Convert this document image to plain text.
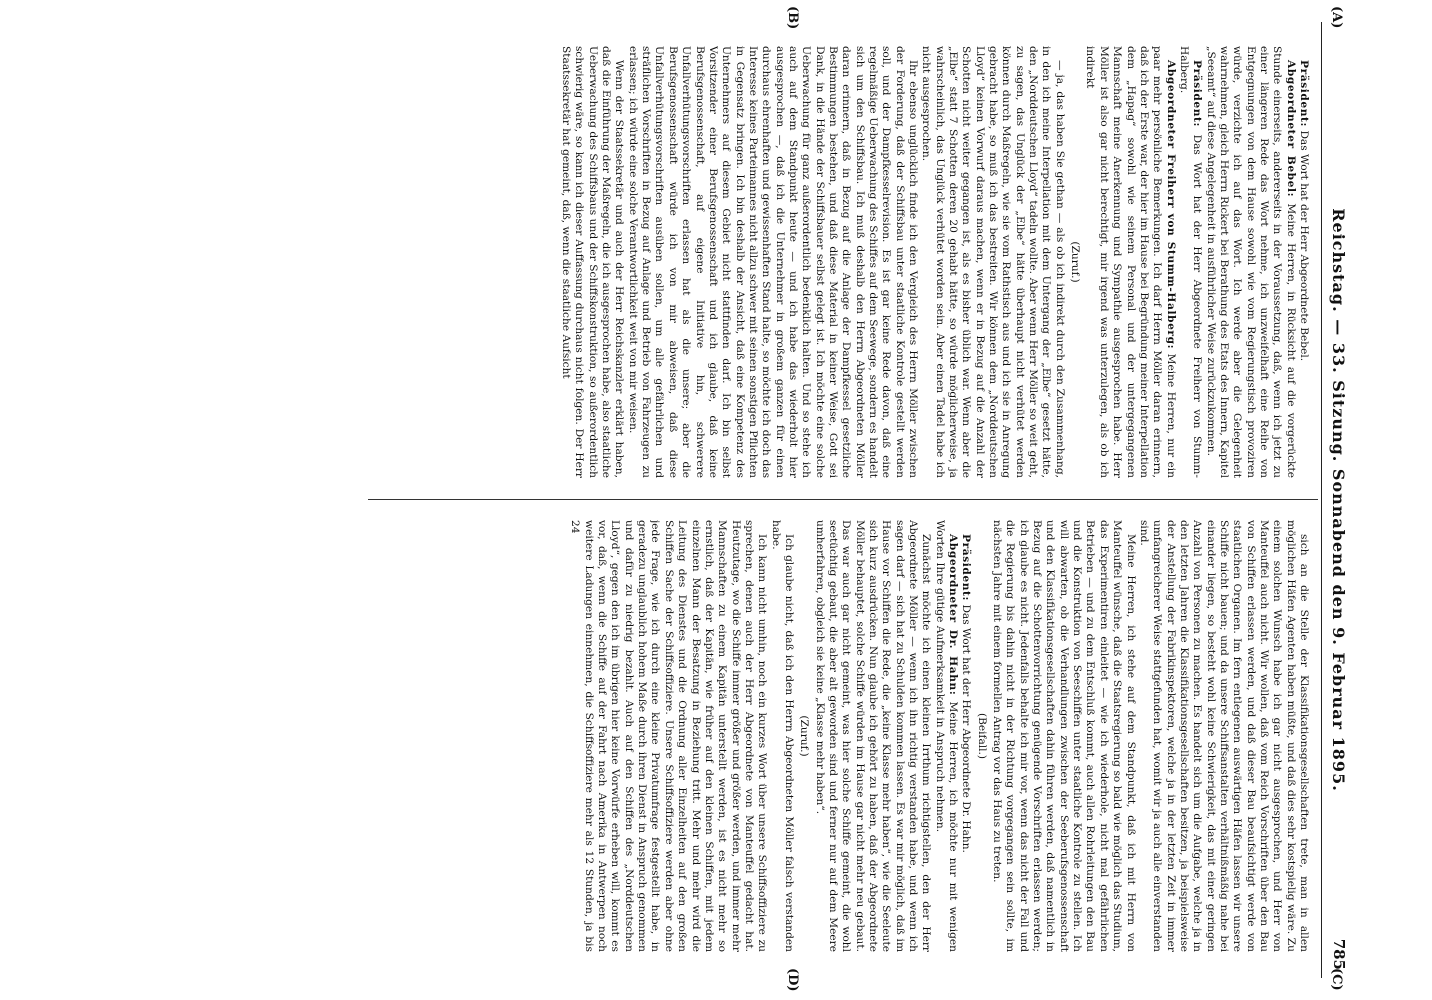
Reichstag. — 33. Sitzung. Sonnabend den 9. Februar 1895.
785
(A)
(B)
(C)
(D)

Präsident: Das Wort hat der Herr Abgeordnete Bebel.

Abgeordneter Bebel: Meine Herren, in Rücksicht auf die vorgerückte Stunde einerseits, andererseits in der Voraussetzung, daß, wenn ich jetzt zu einer längeren Rede das Wort nehme, ich unzweifelhaft eine Reihe von Entgegnungen von dem Hause sowohl wie vom Regierungstisch provoziren würde, verzichte ich auf das Wort. Ich werde aber die Gelegenheit wahrnehmen, gleich Herrn Rickert bei Berathung des Etats des Innern, Kapitel „Seeamt“ auf diese Angelegenheit in ausführlicher Weise zurückzukommen.

Präsident: Das Wort hat der Herr Abgeordnete Freiherr von Stumm-Halberg.

Abgeordneter Freiherr von Stumm-Halberg: Meine Herren, nur ein paar mehr persönliche Bemerkungen. Ich darf Herrn Möller daran erinnern, daß ich der Erste war, der hier im Hause bei Begründung meiner Interpellation dem „Hapag“ sowohl wie seinem Personal und der untergegangenen Mannschaft meine Anerkennung und Sympathie ausgesprochen habe. Herr Möller ist also gar nicht berechtigt, mir irgend was unterzulegen, als ob ich indirekt

(Zuruf.)

— ja, das haben Sie gethan — als ob ich indirekt durch den Zusammenhang, in den ich meine Interpellation mit dem Untergang der „Elbe“ gesetzt hätte, den „Norddeutschen Lloyd“ tadeln wollte. Aber wenn Herr Möller so weit geht, zu sagen, das Unglück der „Elbe“ hätte überhaupt nicht verhütet werden können durch Maßregeln, wie sie vom Rathstisch aus und ich sie in Anregung gebracht habe, so muß ich das bestreiten. Wir können dem „Norddeutschen Lloyd“ keinen Vorwurf daraus machen, wenn er in Bezug auf die Anzahl der Schotten nicht weiter gegangen ist, als es bisher üblich war. Wenn aber die „Elbe“ statt 7 Schotten deren 20 gehabt hätte, so würde möglicherweise, ja wahrscheinlich, das Unglück verhütet worden sein. Aber einen Tadel habe ich nicht ausgesprochen.

Ihr ebenso unglücklich finde ich den Vergleich des Herrn Möller zwischen der Forderung, daß der Schiffsbau unter staatliche Kontrole gestellt werden soll, und der Dampfkesselrevision. Es ist gar keine Rede davon, daß eine regelmäßige Ueberwachung des Schiffes auf dem Seewege, sondern es handelt sich um den Schiffsbau. Ich muß deshalb den Herrn Abgeordneten Möller daran erinnern, daß in Bezug auf die Anlage der Dampfkessel gesetzliche Bestimmungen bestehen, und daß diese Material in keiner Weise, Gott sei Dank, in die Hände der Schiffsbauer selbst gelegt ist. Ich möchte eine solche Ueberwachung für ganz außerordentlich bedenklich halten. Und so stehe ich auch auf dem Standpunkt heute — und ich habe das wiederholt hier ausgesprochen —, daß ich die Unternehmer in großem ganzen für einen durchaus ehrenhaften und gewissenhaften Stand halte, so möchte ich doch das Interesse keines Parteimannes nicht allzu schwer mit seinen sonstigen Pflichten in Gegensatz bringen. Ich bin deshalb der Ansicht, daß eine Kompetenz des Unternehmers auf diesem Gebiet nicht stattfinden darf. Ich bin selbst Vorsitzender einer Berufsgenossenschaft und ich glaube, daß keine Berufsgenossenschaft, auf eigene Initiative hin, schwerere Unfallverhütungsvorschriften erlassen hat als die unsere; aber die Berufsgenossenschaft würde ich von mir abweisen, daß diese Unfallverhütungsvorschriften ausüben sollen, um alle gefährlichen und sträflichen Vorschriften in Bezug auf Anlage und Betrieb von Fahrzeugen zu erlassen; ich würde eine solche Verantwortlichkeit weit von mir weisen.

Wenn der Staatssekretär und auch der Herr Reichskanzler erklärt haben, daß die Einführung der Maßregeln, die ich ausgesprochen habe, also staatliche Ueberwachung des Schiffsbaus und der Schiffskonstruktion, so außerordentlich schwierig wäre, so kann ich dieser Auffassung durchaus nicht folgen. Der Herr Staatssekretär hat gemeint, daß, wenn die staatliche Aufsicht

sich an die Stelle der Klassifikationsgesellschaften trete, man in allen möglichen Häfen Agenten haben müßte, und daß dies sehr kostspielig wäre. Zu einem solchen Wunsch habe ich gar nicht ausgesprochen, und Herr von Manteuffel auch nicht. Wir wollen, daß vom Reich Vorschriften über den Bau von Schiffen erlassen werden, und daß dieser Bau beaufsichtigt werde von staatlichen Organen. Im fern entlegenen auswärtigen Häfen lassen wir unsere Schiffe nicht bauen; und da unsere Schiffsanstalten verhältnißmäßig nahe bei einander liegen, so besteht wohl keine Schwierigkeit, das mit einer geringen Anzahl von Personen zu machen. Es handelt sich um die Aufgabe, welche ja in den letzten Jahren die Klassifikationsgesellschaften besitzen, ja beispielsweise der Anstellung der Fabrikinspektoren, welche ja in der letzten Zeit in immer umfangreicherer Weise stattgefunden hat, womit wir ja auch alle einverstanden sind.

Meine Herren, ich stehe auf dem Standpunkt, daß ich mit Herrn von Manteuffel wünsche, daß die Staatsregierung so bald wie möglich das Studium, das Experimentiren einleitet — wie ich wiederhole, nicht mal gefährlichen Betrieben — und zu dem Entschluß kommt, auch allen Rohrleitungen den Bau und die Konstruktion von Seeschiffen unter staatliche Kontrole zu stellen. Ich will abwarten, ob die Verhandlungen zwischen der Seeberufsgenossenschaft und den Klassifikationsgesellschaften dahin führen werden, daß namentlich in Bezug auf die Schottenvorrichtung genügende Vorschriften erlassen werden; ich glaube es nicht. Jedenfalls behalte ich mir vor, wenn das nicht der Fall und die Regierung bis dahin nicht in der Richtung vorgegangen sein sollte, im nächsten Jahre mit einem formellen Antrag vor das Haus zu treten.

(Beifall.)

Präsident: Das Wort hat der Herr Abgeordnete Dr. Hahn.

Abgeordneter Dr. Hahn: Meine Herren, ich möchte nur mit wenigen Worten Ihre gütige Aufmerksamkeit in Anspruch nehmen.

Zunächst möchte ich einen kleinen Irrthum richtigstellen, den der Herr Abgeordnete Möller — wenn ich ihn richtig verstanden habe, und wenn ich sagen darf — sich hat zu Schulden kommen lassen. Es war mir möglich, daß im Hause vor Schiffen die Rede, die „keine Klasse mehr haben“, wie die Seeleute sich kurz ausdrücken. Nun glaube ich gehört zu haben, daß der Abgeordnete Möller behauptet, solche Schiffe würden im Hause gar nicht mehr neu gebaut. Das war auch gar nicht gemeint, was hier solche Schiffe gemeint, die wohl seetüchtig gebaut, die aber alt geworden sind und ferner nur auf dem Meere umherfahren, obgleich sie keine „Klasse mehr haben“.

(Zuruf.)

Ich glaube nicht, daß ich den Herrn Abgeordneten Möller falsch verstanden habe.

Ich kann nicht umhin, noch ein kurzes Wort über unsere Schiffsoffiziere zu sprechen, denen auch der Herr Abgeordnete von Manteuffel gedacht hat. Heutzutage, wo die Schiffe immer größer und größer werden, und immer mehr Mannschaften zu einem Kapitän unterstellt werden, ist es nicht mehr so ernstlich, daß der Kapitän, wie früher auf den kleinen Schiffen, mit jedem einzelnen Mann der Besatzung in Beziehung tritt. Mehr und mehr wird die Leitung des Dienstes und die Ordnung aller Einzelheiten auf den großen Schiffen Sache der Schiffsoffiziere. Unsere Schiffsoffiziere werden aber ohne jede Frage, wie ich durch eine kleine Privatumfrage festgestellt habe, in geradezu unglaublich hohem Maße durch ihren Dienst in Anspruch genommen und dafür zu niedrig bezahlt. Auch auf den Schiffen des „Norddeutschen Lloyd“, gegen den ich im übrigen hier keine Vorwürfe erheben will, kommt es vor, daß, wenn die Schiffe auf der Fahrt nach Amerika in Antwerpen noch weitere Ladungen einnehmen, die Schiffsoffiziere mehr als 12 Stunden, ja bis 24
